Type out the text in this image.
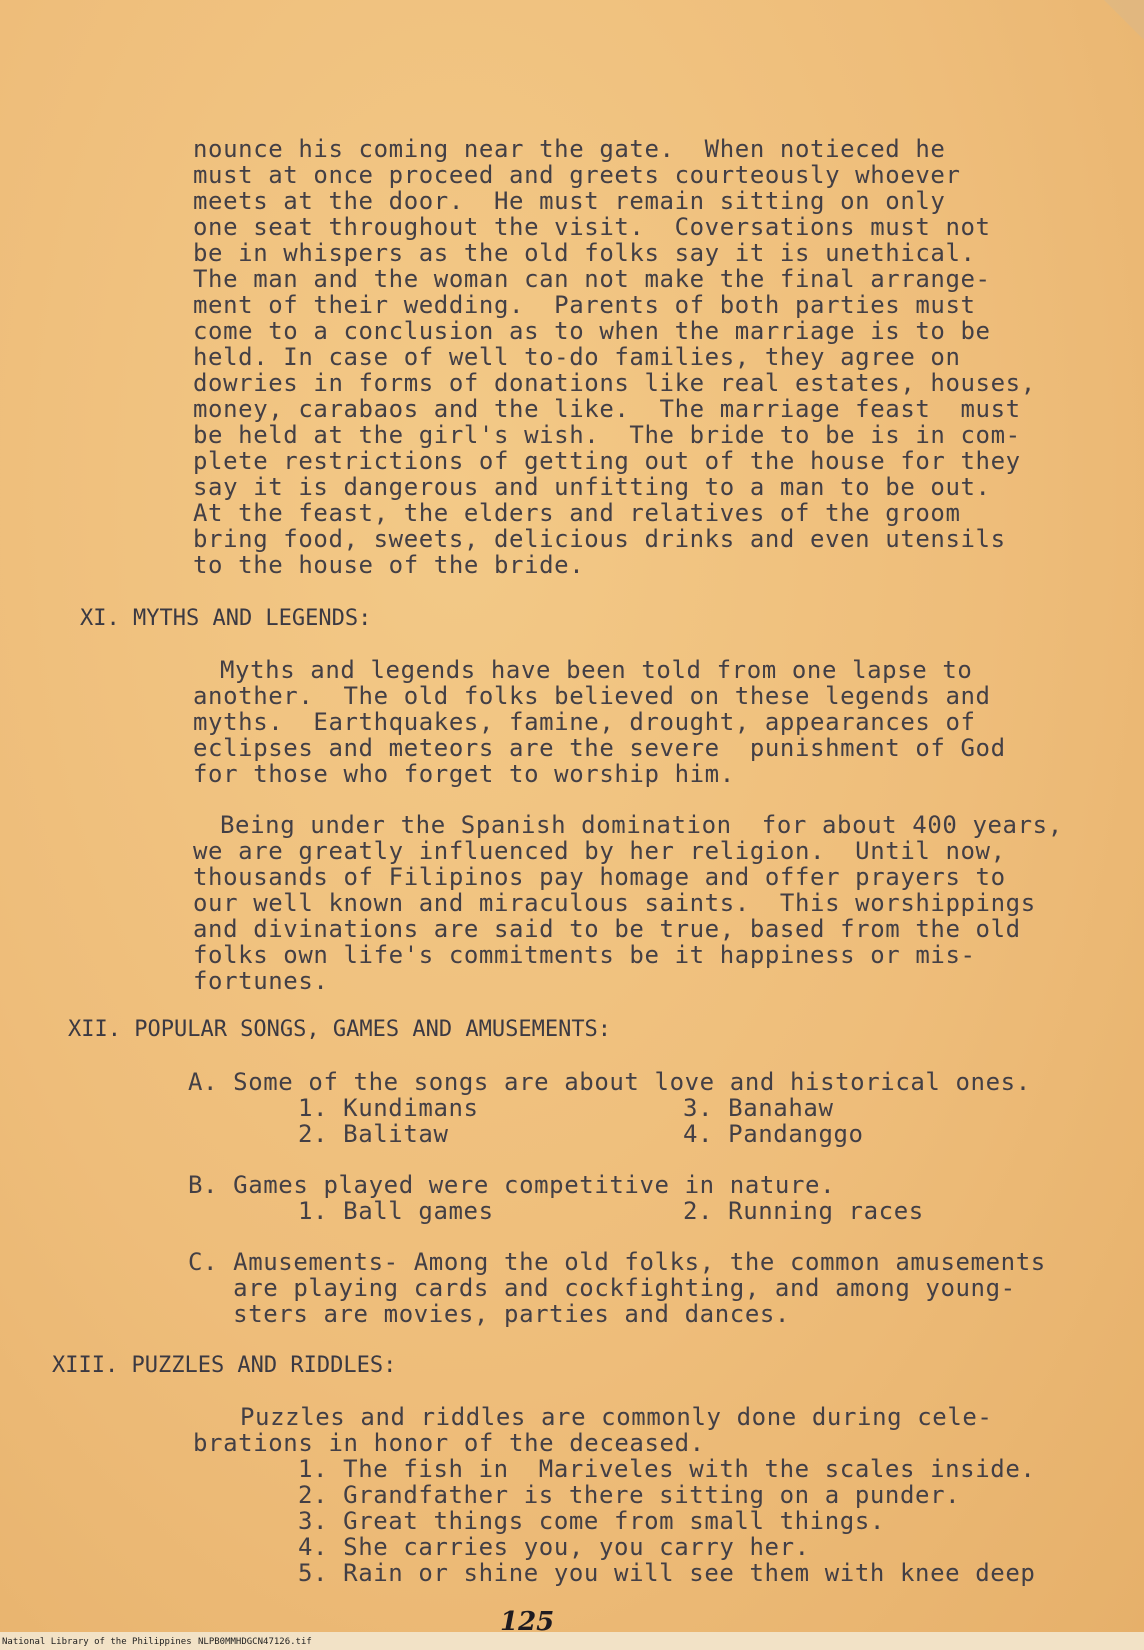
nounce his coming near the gate.  When notieced he
must at once proceed and greets courteously whoever
meets at the door.  He must remain sitting on only
one seat throughout the visit.  Coversations must not
be in whispers as the old folks say it is unethical.
The man and the woman can not make the final arrange-
ment of their wedding.  Parents of both parties must
come to a conclusion as to when the marriage is to be
held. In case of well to-do families, they agree on
dowries in forms of donations like real estates, houses,
money, carabaos and the like.  The marriage feast  must
be held at the girl's wish.  The bride to be is in com-
plete restrictions of getting out of the house for they
say it is dangerous and unfitting to a man to be out.
At the feast, the elders and relatives of the groom
bring food, sweets, delicious drinks and even utensils
to the house of the bride.
XI. MYTHS AND LEGENDS:
Myths and legends have been told from one lapse to
another.  The old folks believed on these legends and
myths.  Earthquakes, famine, drought, appearances of
eclipses and meteors are the severe  punishment of God
for those who forget to worship him.
Being under the Spanish domination  for about 400 years,
we are greatly influenced by her religion.  Until now,
thousands of Filipinos pay homage and offer prayers to
our well known and miraculous saints.  This worshippings
and divinations are said to be true, based from the old
folks own life's commitments be it happiness or mis-
fortunes.
XII. POPULAR SONGS, GAMES AND AMUSEMENTS:
A. Some of the songs are about love and historical ones.
1. Kundimans	3. Banahaw
2. Balitaw	4. Pandanggo
B. Games played were competitive in nature.
1. Ball games	2. Running races
C. Amusements- Among the old folks, the common amusements
are playing cards and cockfighting, and among young-
sters are movies, parties and dances.
XIII. PUZZLES AND RIDDLES:
Puzzles and riddles are commonly done during cele-
brations in honor of the deceased.
1. The fish in  Mariveles with the scales inside.
2. Grandfather is there sitting on a punder.
3. Great things come from small things.
4. She carries you, you carry her.
5. Rain or shine you will see them with knee deep
125
National Library of the Philippines NLPB0MMHDGCN47126.tif
